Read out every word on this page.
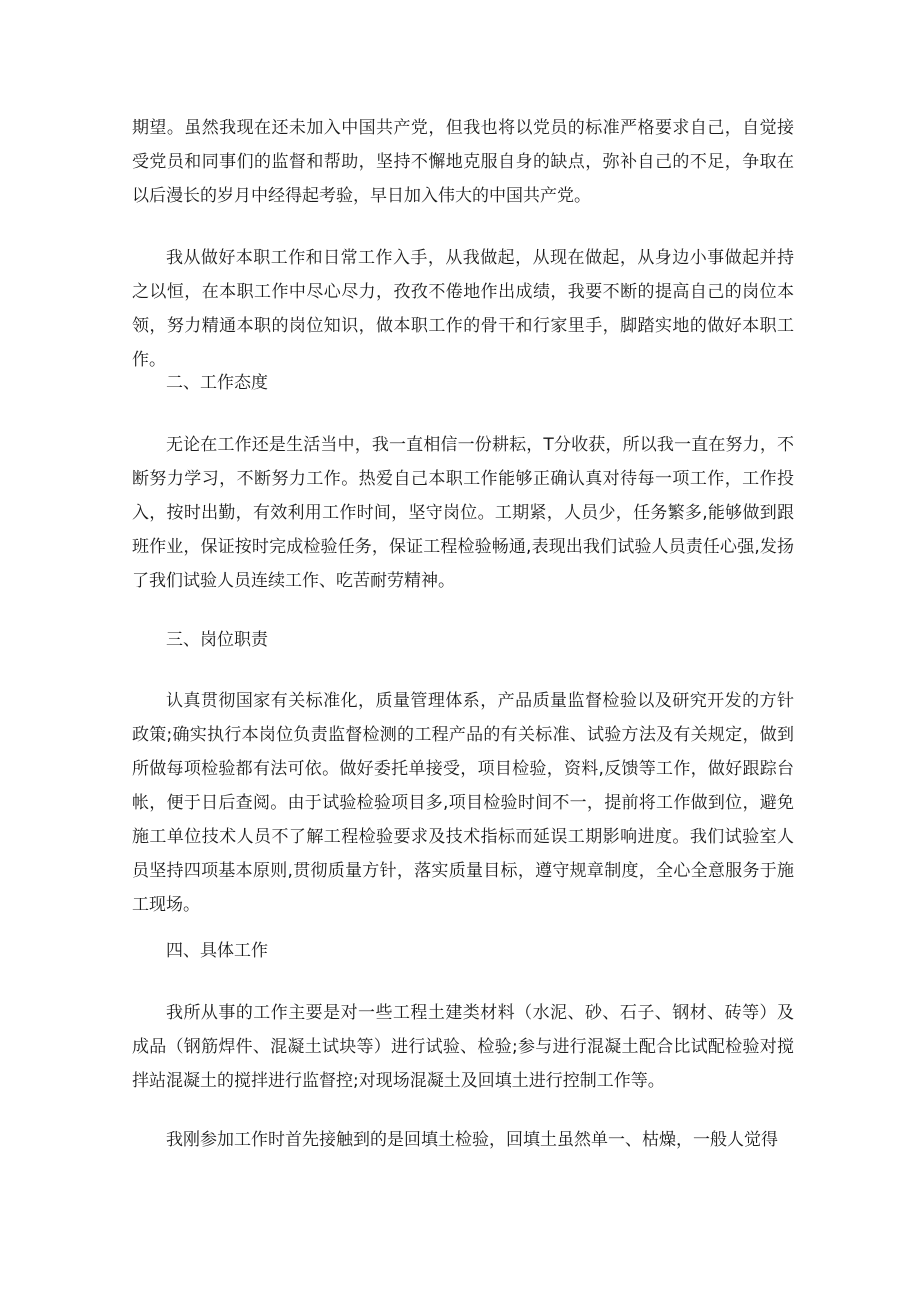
期望。虽然我现在还未加入中国共产党，但我也将以党员的标准严格要求自己，自觉接受党员和同事们的监督和帮助，坚持不懈地克服自身的缺点，弥补自己的不足，争取在以后漫长的岁月中经得起考验，早日加入伟大的中国共产党。

我从做好本职工作和日常工作入手，从我做起，从现在做起，从身边小事做起并持之以恒，在本职工作中尽心尽力，孜孜不倦地作出成绩，我要不断的提高自己的岗位本领，努力精通本职的岗位知识，做本职工作的骨干和行家里手，脚踏实地的做好本职工作。

二、工作态度

无论在工作还是生活当中，我一直相信一份耕耘，T分收获，所以我一直在努力，不断努力学习，不断努力工作。热爱自己本职工作能够正确认真对待每一项工作，工作投入，按时出勤，有效利用工作时间，坚守岗位。工期紧，人员少，任务繁多,能够做到跟班作业，保证按时完成检验任务，保证工程检验畅通,表现出我们试验人员责任心强,发扬了我们试验人员连续工作、吃苦耐劳精神。

三、岗位职责

认真贯彻国家有关标准化，质量管理体系，产品质量监督检验以及研究开发的方针政策;确实执行本岗位负责监督检测的工程产品的有关标准、试验方法及有关规定，做到所做每项检验都有法可依。做好委托单接受，项目检验，资料,反馈等工作，做好跟踪台帐，便于日后查阅。由于试验检验项目多,项目检验时间不一，提前将工作做到位，避免施工单位技术人员不了解工程检验要求及技术指标而延误工期影响进度。我们试验室人员坚持四项基本原则,贯彻质量方针，落实质量目标，遵守规章制度，全心全意服务于施工现场。

四、具体工作

我所从事的工作主要是对一些工程土建类材料（水泥、砂、石子、钢材、砖等）及成品（钢筋焊件、混凝土试块等）进行试验、检验;参与进行混凝土配合比试配检验对搅拌站混凝土的搅拌进行监督控;对现场混凝土及回填土进行控制工作等。

我刚参加工作时首先接触到的是回填土检验，回填土虽然单一、枯燥，一般人觉得
